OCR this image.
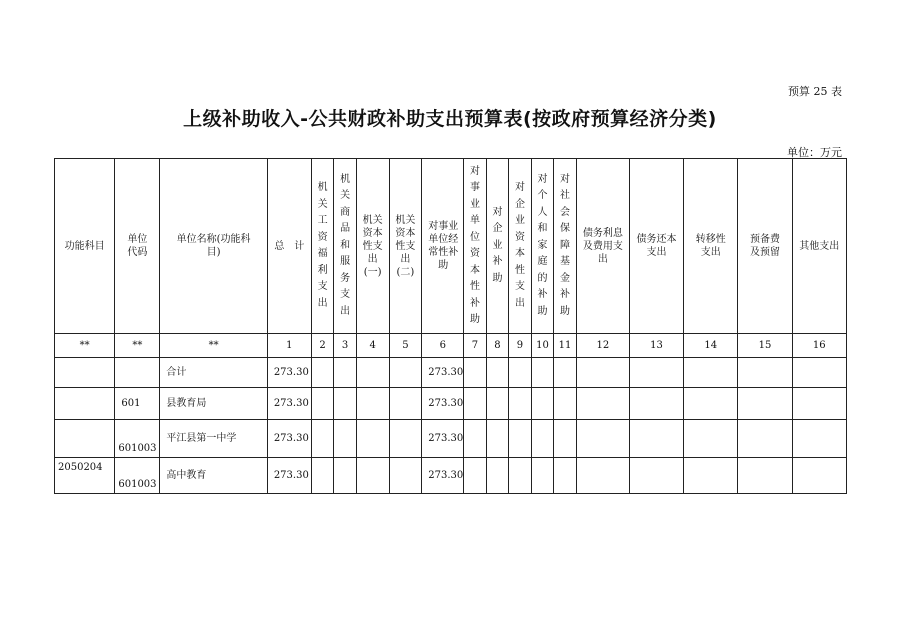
预算 25 表
上级补助收入-公共财政补助支出预算表(按政府预算经济分类)
单位：万元
功能科目	单位代码	单位名称(功能科目)	总　计	机关工资福利支出	机关商品和服务支出	机关资本性支出(一)	机关资本性支出(二)	对事业单位经常性补助	对事业单位资本性补助	对企业补助	对企业资本性支出	对个人和家庭的补助	对社会保障基金补助	债务利息及费用支出	债务还本支出	转移性支出	预备费及预留	其他支出
**	**	**	1	2	3	4	5	6	7	8	9	10	11	12	13	14	15	16
		合计	273.30					273.30										
	601	县教育局	273.30					273.30										
	601003	平江县第一中学	273.30					273.30										
2050204	601003	高中教育	273.30					273.30										
